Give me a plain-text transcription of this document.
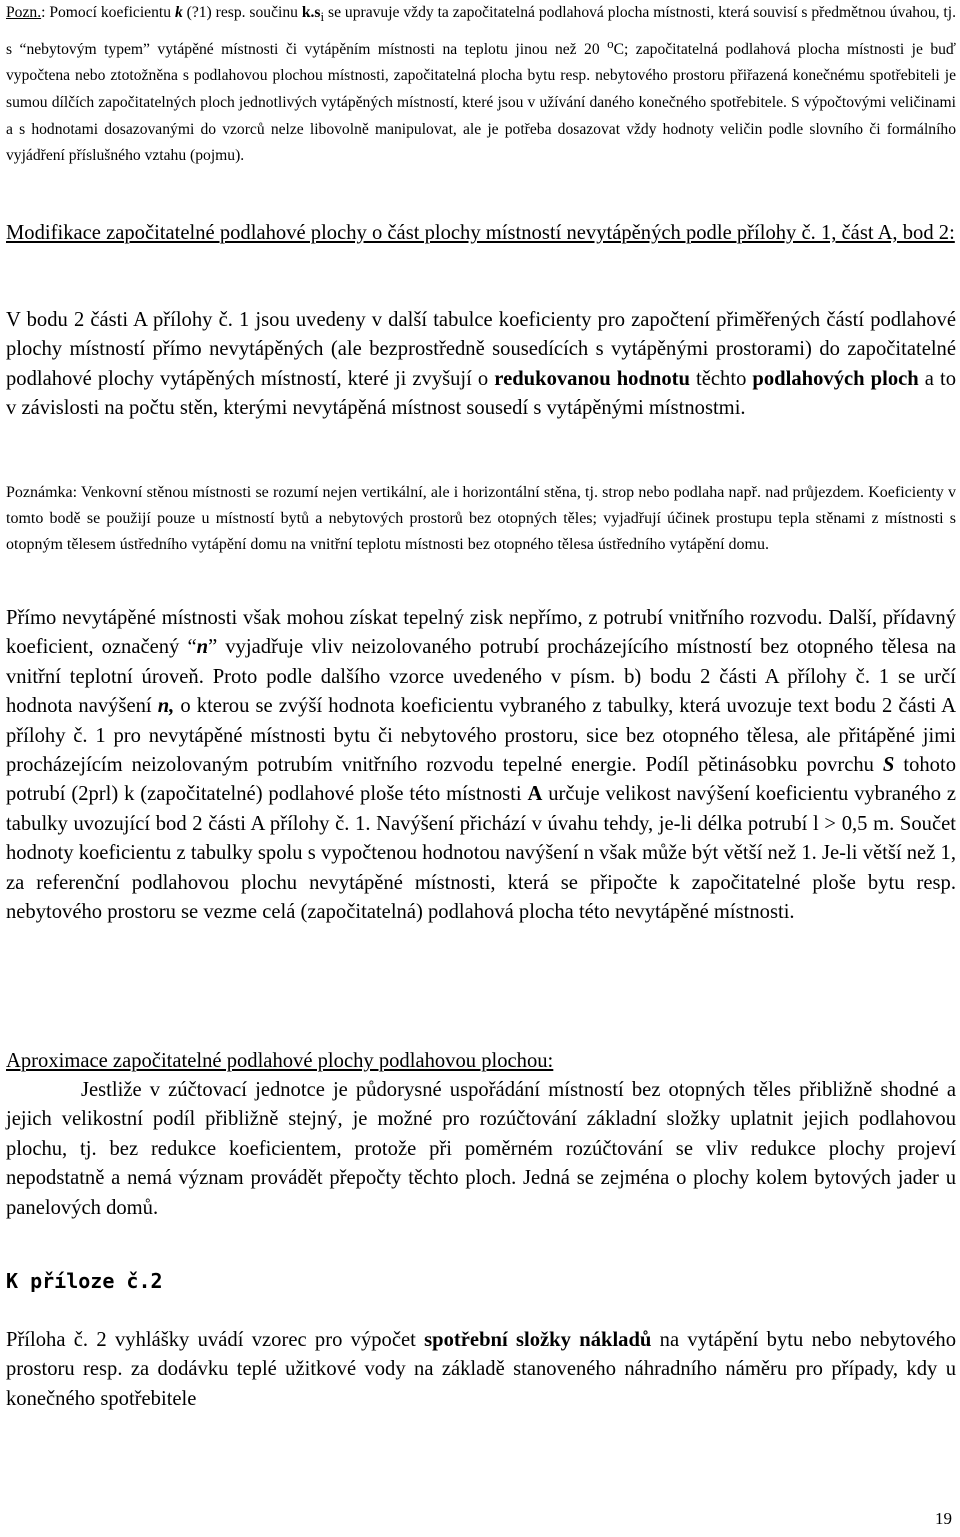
Pozn.: Pomocí koeficientu k (?1) resp. součinu $k.s_i$ se upravuje vždy ta započitatelná podlahová plocha místnosti, která souvisí s předmětnou úvahou, tj. s “nebytovým typem” vytápěné místnosti či vytápěním místnosti na teplotu jinou než 20 $^o$C; započitatelná podlahová plocha místnosti je buď vypočtena nebo ztotožněna s podlahovou plochou místnosti, započitatelná plocha bytu resp. nebytového prostoru přiřazená konečnému spotřebiteli je sumou dílčích započitatelných ploch jednotlivých vytápěných místností, které jsou v užívání daného konečného spotřebitele. S výpočtovými veličinami a s hodnotami dosazovanými do vzorců nelze libovolně manipulovat, ale je potřeba dosazovat vždy hodnoty veličin podle slovního či formálního vyjádření příslušného vztahu (pojmu).

Modifikace započitatelné podlahové plochy o část plochy místností nevytápěných podle přílohy č. 1, část A, bod 2:

V bodu 2 části A přílohy č. 1 jsou uvedeny v další tabulce koeficienty pro započtení přiměřených částí podlahové plochy místností přímo nevytápěných (ale bezprostředně sousedících s vytápěnými prostorami) do započitatelné podlahové plochy vytápěných místností, které ji zvyšují o redukovanou hodnotu těchto podlahových ploch a to v závislosti na počtu stěn, kterými nevytápěná místnost sousedí s vytápěnými místnostmi.

Poznámka: Venkovní stěnou místnosti se rozumí nejen vertikální, ale i horizontální stěna, tj. strop nebo podlaha např. nad průjezdem. Koeficienty v tomto bodě se použijí pouze u místností bytů a nebytových prostorů bez otopných těles; vyjadřují účinek prostupu tepla stěnami z místnosti s otopným tělesem ústředního vytápění domu na vnitřní teplotu místnosti bez otopného tělesa ústředního vytápění domu.

Přímo nevytápěné místnosti však mohou získat tepelný zisk nepřímo, z potrubí vnitřního rozvodu. Další, přídavný koeficient, označený “n” vyjadřuje vliv neizolovaného potrubí procházejícího místností bez otopného tělesa na vnitřní teplotní úroveň. Proto podle dalšího vzorce uvedeného v písm. b) bodu 2 části A přílohy č. 1 se určí hodnota navýšení n, o kterou se zvýší hodnota koeficientu vybraného z tabulky, která uvozuje text bodu 2 části A přílohy č. 1 pro nevytápěné místnosti bytu či nebytového prostoru, sice bez otopného tělesa, ale přitápěné jimi procházejícím neizolovaným potrubím vnitřního rozvodu tepelné energie. Podíl pětinásobku povrchu S tohoto potrubí (2prl) k (započitatelné) podlahové ploše této místnosti A určuje velikost navýšení koeficientu vybraného z tabulky uvozující bod 2 části A přílohy č. 1. Navýšení přichází v úvahu tehdy, je-li délka potrubí l > 0,5 m. Součet hodnoty koeficientu z tabulky spolu s vypočtenou hodnotou navýšení n však může být větší než 1. Je-li větší než 1, za referenční podlahovou plochu nevytápěné místnosti, která se připočte k započitatelné ploše bytu resp. nebytového prostoru se vezme celá (započitatelná) podlahová plocha této nevytápěné místnosti.

Aproximace započitatelné podlahové plochy podlahovou plochou:

Jestliže v zúčtovací jednotce je půdorysné uspořádání místností bez otopných těles přibližně shodné a jejich velikostní podíl přibližně stejný, je možné pro rozúčtování základní složky uplatnit jejich podlahovou plochu, tj. bez redukce koeficientem, protože při poměrném rozúčtování se vliv redukce plochy projeví nepodstatně a nemá význam provádět přepočty těchto ploch. Jedná se zejména o plochy kolem bytových jader u panelových domů.

K příloze č.2

Příloha č. 2 vyhlášky uvádí vzorec pro výpočet spotřební složky nákladů na vytápění bytu nebo nebytového prostoru resp. za dodávku teplé užitkové vody na základě stanoveného náhradního náměru pro případy, kdy u konečného spotřebitele

19
